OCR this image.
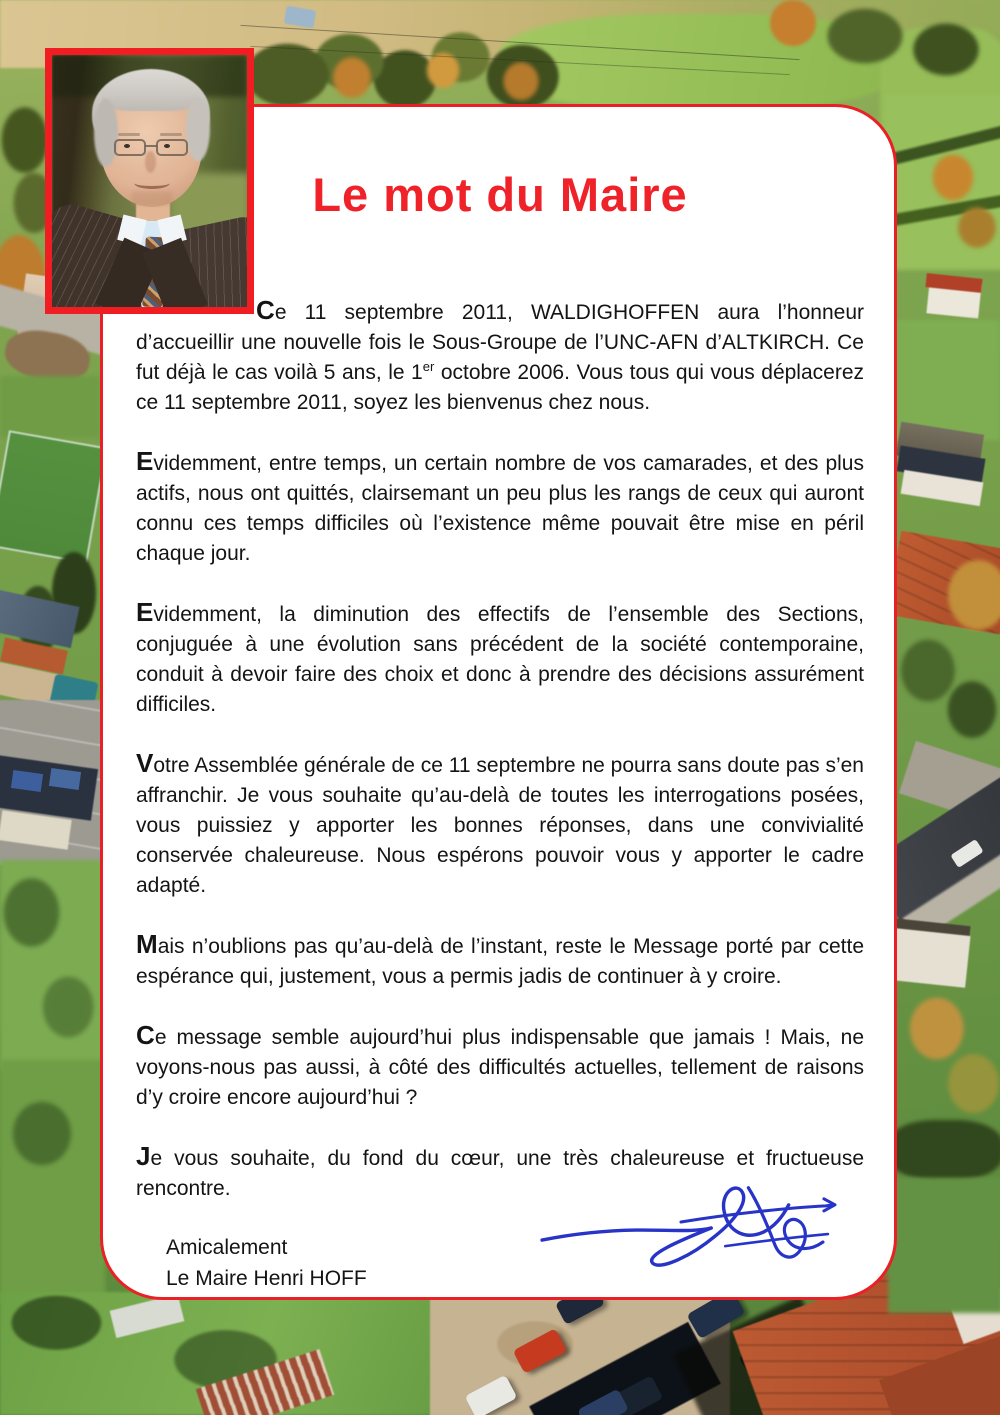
Le mot du Maire

Ce 11 septembre 2011, WALDIGHOFFEN aura l’honneur d’accueillir une nouvelle fois le Sous-Groupe de l’UNC-AFN d’ALTKIRCH. Ce fut déjà le cas voilà 5 ans, le 1er octobre 2006. Vous tous qui vous déplacerez ce 11 septembre 2011, soyez les bienvenus chez nous.

Evidemment, entre temps, un certain nombre de vos camarades, et des plus actifs, nous ont quittés, clairsemant un peu plus les rangs de ceux qui auront connu ces temps difficiles où l’existence même pouvait être mise en péril chaque jour.

Evidemment, la diminution des effectifs de l’ensemble des Sections, conjuguée à une évolution sans précédent de la société contemporaine, conduit à devoir faire des choix et donc à prendre des décisions assurément difficiles.

Votre Assemblée générale de ce 11 septembre ne pourra sans doute pas s’en affranchir. Je vous souhaite qu’au-delà de toutes les interrogations posées, vous puissiez y apporter les bonnes réponses, dans une convivialité conservée chaleureuse. Nous espérons pouvoir vous y apporter le cadre adapté.

Mais n’oublions pas qu’au-delà de l’instant, reste le Message porté par cette espérance qui, justement, vous a permis jadis de continuer à y croire.

Ce message semble aujourd’hui plus indispensable que jamais ! Mais, ne voyons-nous pas aussi, à côté des difficultés actuelles, tellement de raisons d’y croire encore aujourd’hui ?

Je vous souhaite, du fond du cœur, une très chaleureuse et fructueuse rencontre.

Amicalement
Le Maire Henri HOFF
